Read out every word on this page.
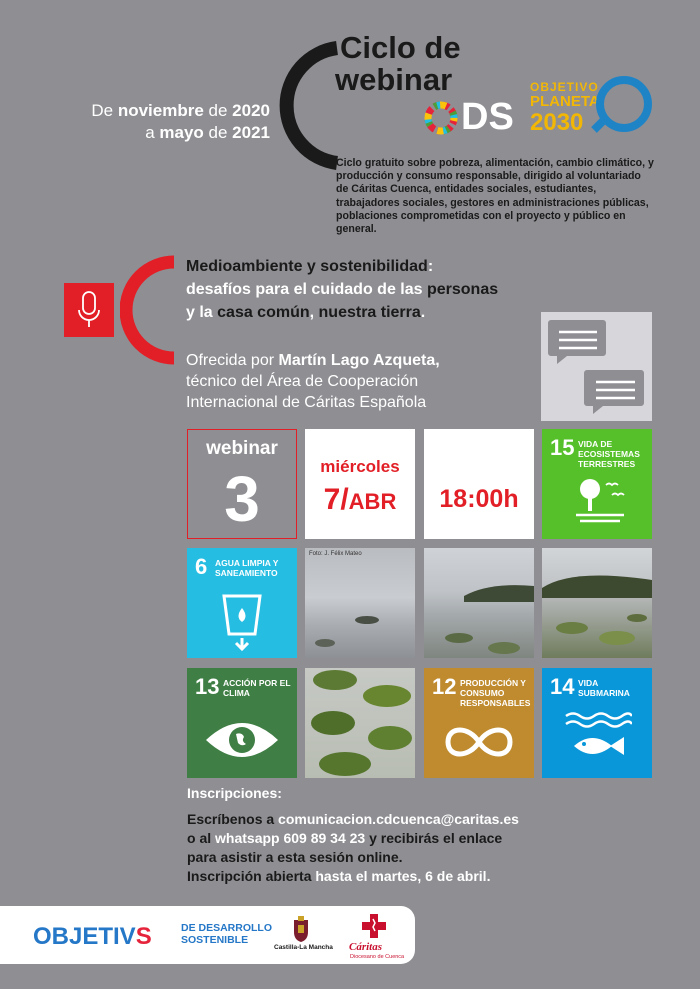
De noviembre de 2020
a mayo de 2021
Ciclo de
webinar
DS
OBJETIVO
PLANETA
2030
Ciclo gratuito sobre pobreza, alimentación, cambio climático, y producción y consumo responsable, dirigido al voluntariado de Cáritas Cuenca, entidades sociales, estudiantes, trabajadores sociales, gestores en administraciones públicas, poblaciones comprometidas con el proyecto y público en general.
Medioambiente y sostenibilidad:
desafíos para el cuidado de las personas
y la casa común, nuestra tierra.
Ofrecida por Martín Lago Azqueta,
técnico del Área de Cooperación
Internacional de Cáritas Española
webinar
3	miércoles
7/ABR	18:00h
15 VIDA DE ECOSISTEMAS TERRESTRES
6 AGUA LIMPIA Y SANEAMIENTO
Foto: J. Félix Mateo
13 ACCIÓN POR EL CLIMA	12 PRODUCCIÓN Y CONSUMO RESPONSABLES
14 VIDA SUBMARINA
Inscripciones:
Escríbenos a comunicacion.cdcuenca@caritas.es
o al whatsapp 609 89 34 23 y recibirás el enlace
para asistir a esta sesión online.
Inscripción abierta hasta el martes, 6 de abril.
OBJETIVS	DE DESARROLLO
SOSTENIBLE
Castilla-La Mancha Cáritas
Diocesano de Cuenca
